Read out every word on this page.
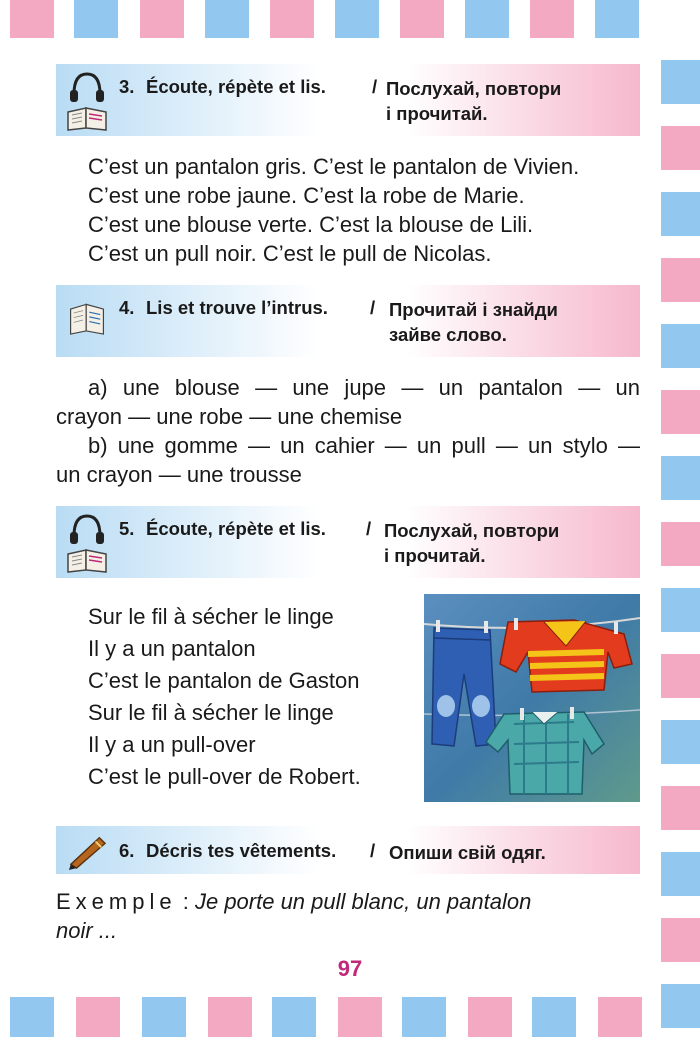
3. Écoute, répète et lis. / Послухай, повтори
і прочитай.
C’est un pantalon gris. C’est le pantalon de Vivien.
C’est une robe jaune. C’est la robe de Marie.
C’est une blouse verte. C’est la blouse de Lili.
C’est un pull noir. C’est le pull de Nicolas.
4. Lis et trouve l’intrus. / Прочитай і знайди
зайве слово.
a) une blouse — une jupe — un pantalon — un
crayon — une robe — une chemise
b) une gomme — un cahier — un pull — un stylo —
un crayon — une trousse
5. Écoute, répète et lis. / Послухай, повтори
і прочитай.
Sur le fil à sécher le linge
Il y a un pantalon
C’est le pantalon de Gaston
Sur le fil à sécher le linge
Il y a un pull-over
C’est le pull-over de Robert.
6. Décris tes vêtements. / Опиши свій одяг.
Exemple : Je porte un pull blanc, un pantalon
noir ...
97
